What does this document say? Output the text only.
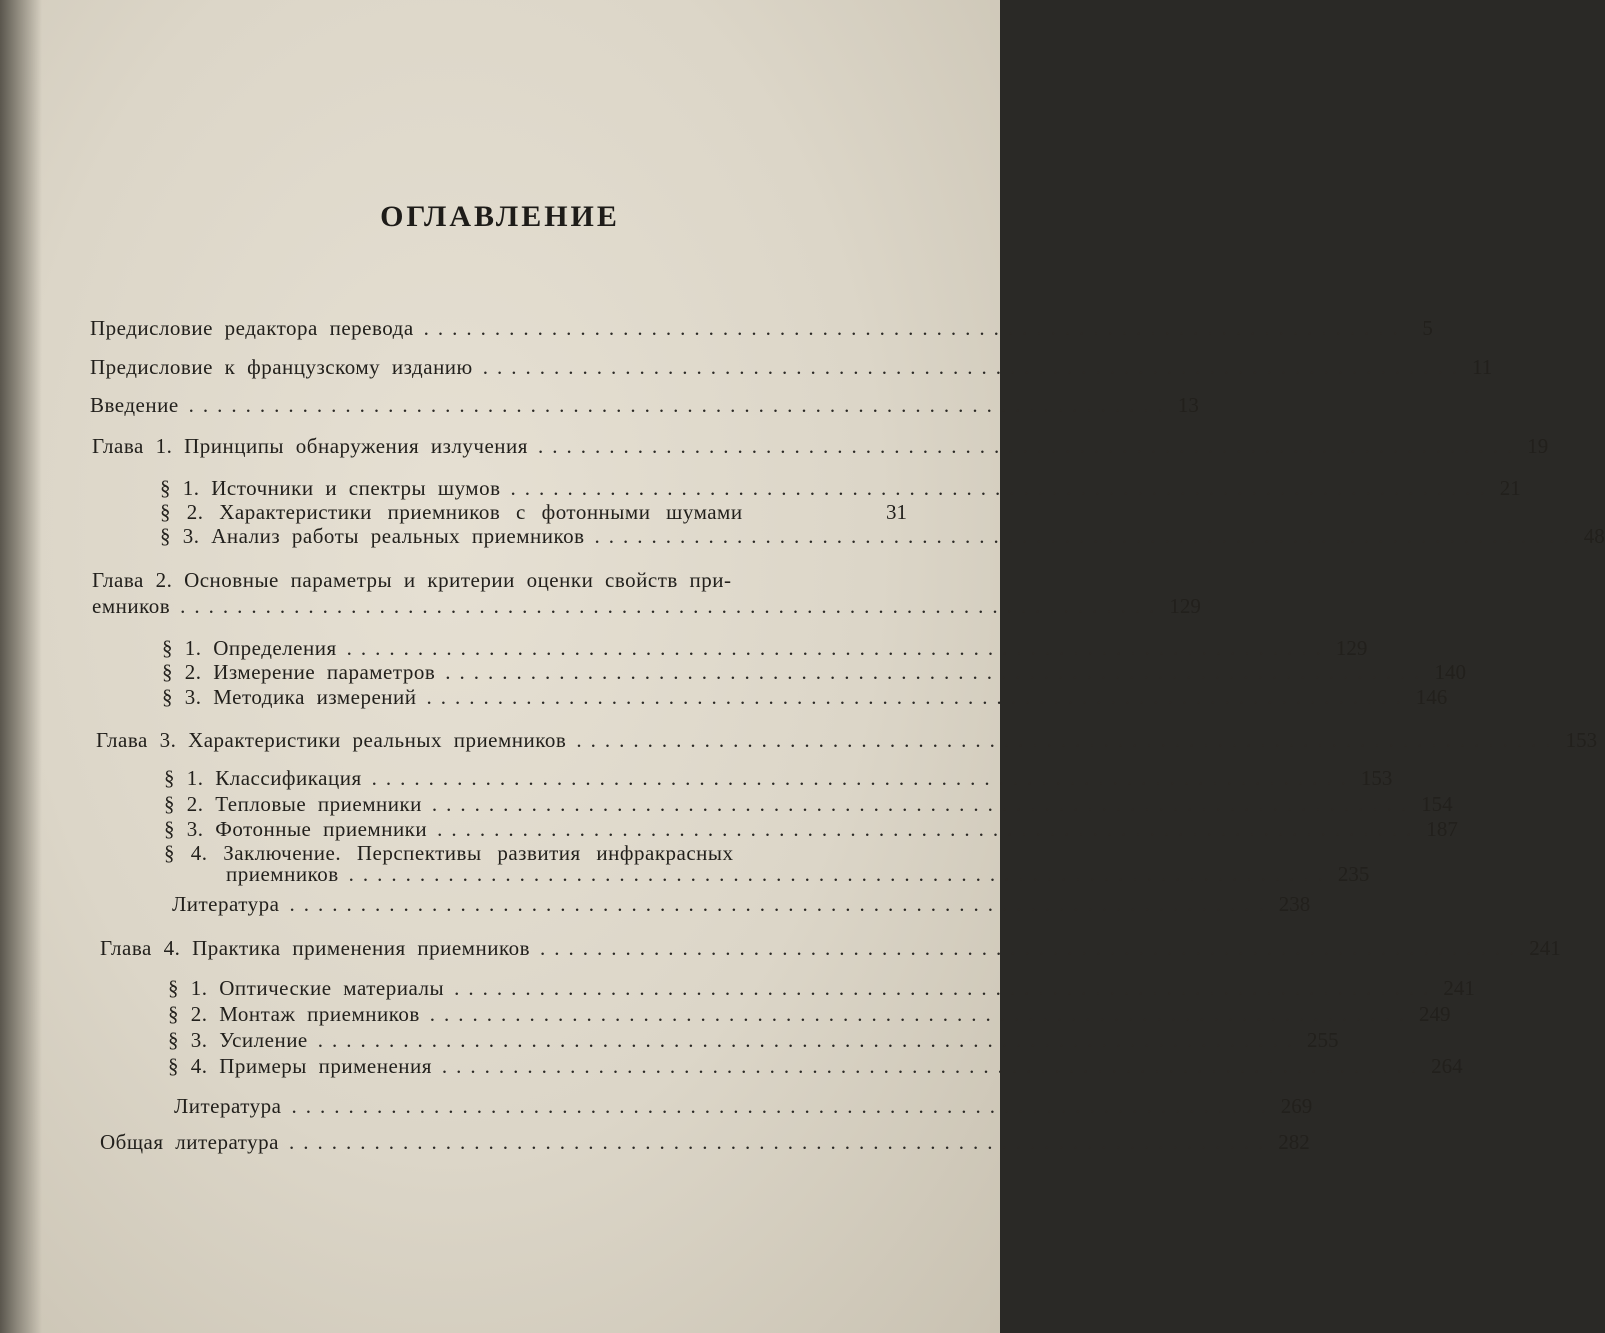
ОГЛАВЛЕНИЕ
Предисловие редактора перевода ..................................................................... 5
Предисловие к французскому изданию ..................................................................... 11
Введение ..................................................................... 13
Глава 1. Принципы обнаружения излучения ..................................................................... 19
§ 1. Источники и спектры шумов ..................................................................... 21
§ 2. Характеристики приемников с фотонными шумами	31
§ 3. Анализ работы реальных приемников ..................................................................... 48
Глава 2. Основные параметры и критерии оценки свойств при-
емников ..................................................................... 129
§ 1. Определения ..................................................................... 129
§ 2. Измерение параметров ..................................................................... 140
§ 3. Методика измерений ..................................................................... 146
Глава 3. Характеристики реальных приемников ..................................................................... 153
§ 1. Классификация ..................................................................... 153
§ 2. Тепловые приемники ..................................................................... 154
§ 3. Фотонные приемники ..................................................................... 187
§ 4. Заключение. Перспективы развития инфракрасных
приемников ..................................................................... 235
Литература ..................................................................... 238
Глава 4. Практика применения приемников ..................................................................... 241
§ 1. Оптические материалы ..................................................................... 241
§ 2. Монтаж приемников ..................................................................... 249
§ 3. Усиление ..................................................................... 255
§ 4. Примеры применения ..................................................................... 264
Литература ..................................................................... 269
Общая литература ..................................................................... 282
